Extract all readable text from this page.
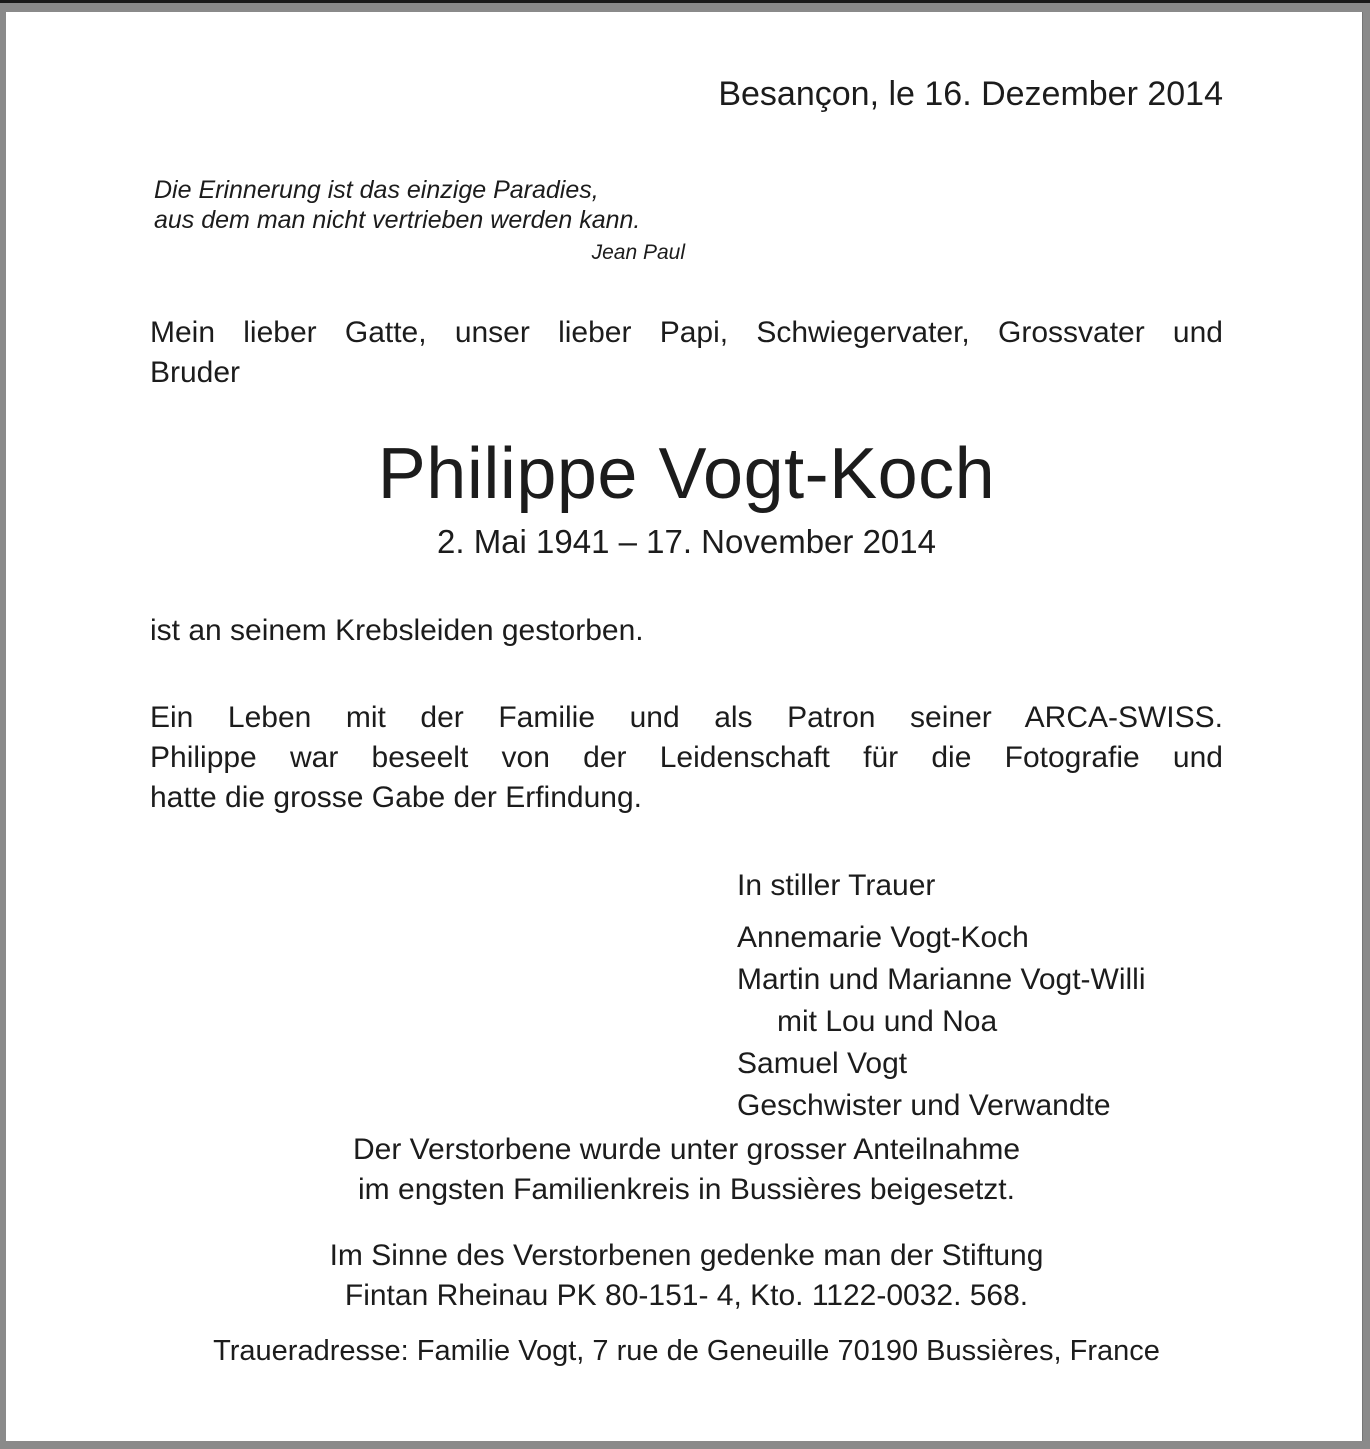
Besançon, le 16. Dezember 2014
Die Erinnerung ist das einzige Paradies,
aus dem man nicht vertrieben werden kann.
Jean Paul
Mein lieber Gatte, unser lieber Papi, Schwiegervater, Grossvater und
Bruder
Philippe Vogt-Koch
2. Mai 1941 – 17. November 2014
ist an seinem Krebsleiden gestorben.
Ein Leben mit der Familie und als Patron seiner ARCA-SWISS.
Philippe war beseelt von der Leidenschaft für die Fotografie und
hatte die grosse Gabe der Erfindung.
In stiller Trauer
Annemarie Vogt-Koch
Martin und Marianne Vogt-Willi
mit Lou und Noa
Samuel Vogt
Geschwister und Verwandte
Der Verstorbene wurde unter grosser Anteilnahme
im engsten Familienkreis in Bussières beigesetzt.
Im Sinne des Verstorbenen gedenke man der Stiftung
Fintan Rheinau PK 80-151- 4, Kto. 1122-0032. 568.
Traueradresse: Familie Vogt, 7 rue de Geneuille 70190 Bussières, France
